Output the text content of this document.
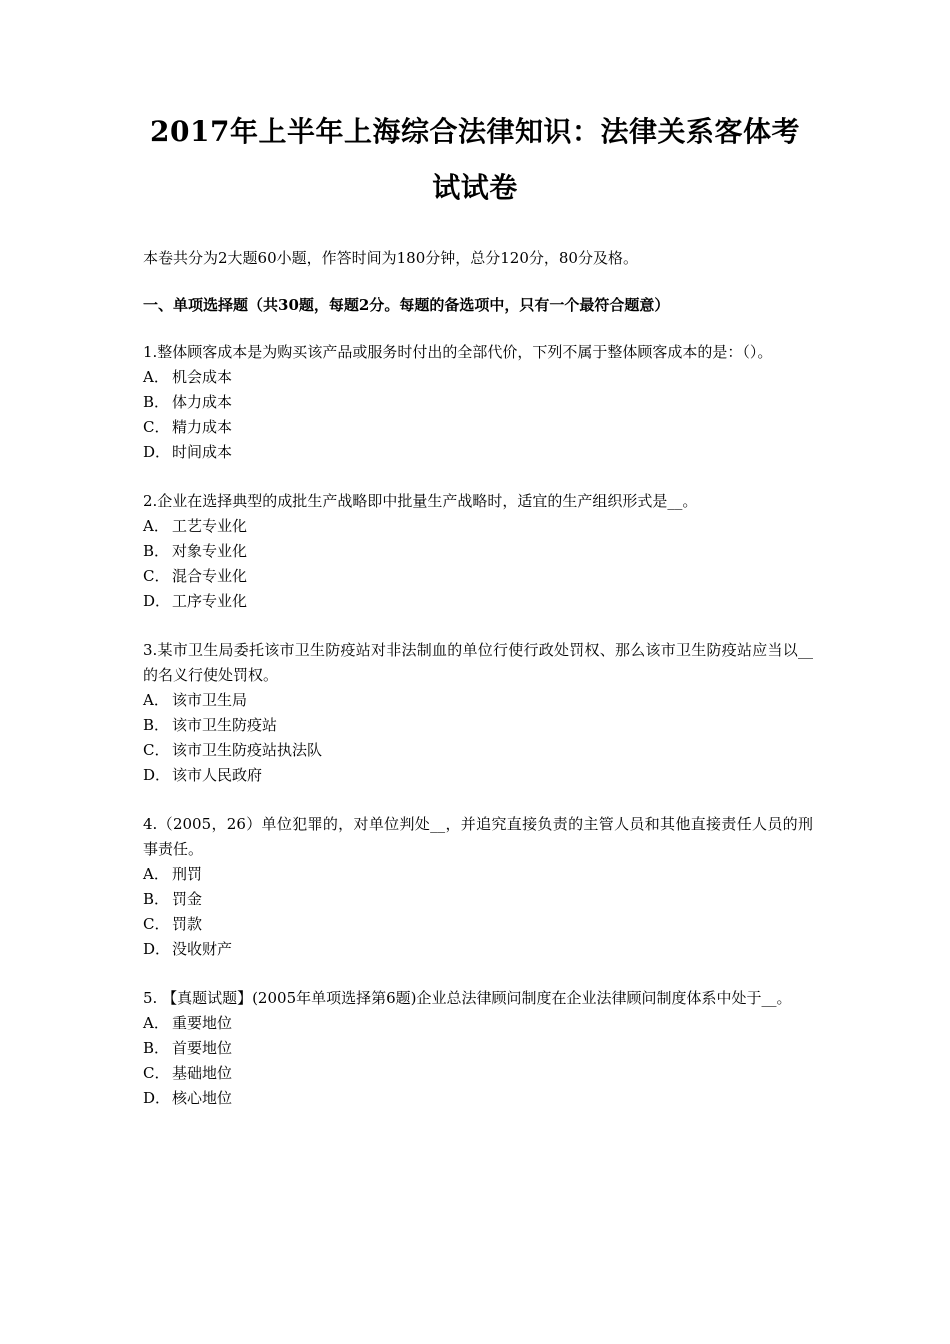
2017年上半年上海综合法律知识：法律关系客体考
试试卷

本卷共分为2大题60小题，作答时间为180分钟，总分120分，80分及格。

一、单项选择题（共30题，每题2分。每题的备选项中，只有一个最符合题意）

1.整体顾客成本是为购买该产品或服务时付出的全部代价，下列不属于整体顾客成本的是：（）。

A． 机会成本

B． 体力成本

C． 精力成本

D． 时间成本

2.企业在选择典型的成批生产战略即中批量生产战略时，适宜的生产组织形式是__。

A． 工艺专业化

B． 对象专业化

C． 混合专业化

D． 工序专业化

3.某市卫生局委托该市卫生防疫站对非法制血的单位行使行政处罚权、那么该市卫生防疫站应当以__的名义行使处罚权。

A． 该市卫生局

B． 该市卫生防疫站

C． 该市卫生防疫站执法队

D． 该市人民政府

4.（2005，26）单位犯罪的，对单位判处__，并追究直接负责的主管人员和其他直接责任人员的刑事责任。

A． 刑罚

B． 罚金

C． 罚款

D． 没收财产

5. 【真题试题】(2005年单项选择第6题)企业总法律顾问制度在企业法律顾问制度体系中处于__。

A． 重要地位

B． 首要地位

C． 基础地位

D． 核心地位
